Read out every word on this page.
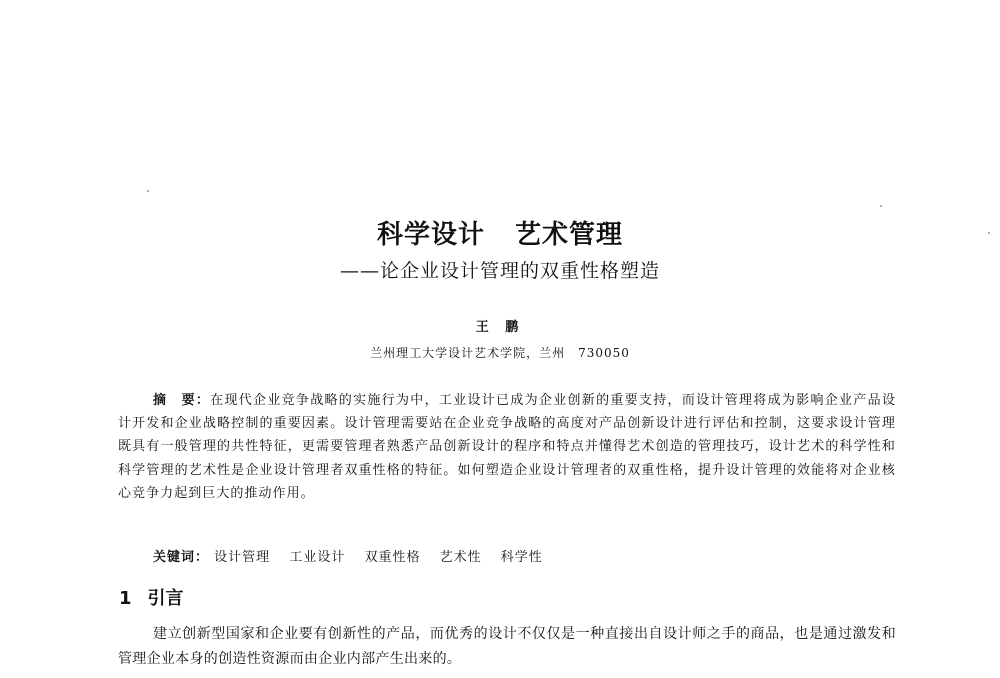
科学设计 艺术管理
——论企业设计管理的双重性格塑造
王 鹏
兰州理工大学设计艺术学院，兰州　730050
摘　要：在现代企业竞争战略的实施行为中，工业设计已成为企业创新的重要支持，而设计管理将成为影响企业产品设计开发和企业战略控制的重要因素。设计管理需要站在企业竞争战略的高度对产品创新设计进行评估和控制，这要求设计管理既具有一般管理的共性特征，更需要管理者熟悉产品创新设计的程序和特点并懂得艺术创造的管理技巧，设计艺术的科学性和科学管理的艺术性是企业设计管理者双重性格的特征。如何塑造企业设计管理者的双重性格，提升设计管理的效能将对企业核心竞争力起到巨大的推动作用。
关键词： 设计管理 工业设计 双重性格 艺术性 科学性
1 引言
建立创新型国家和企业要有创新性的产品，而优秀的设计不仅仅是一种直接出自设计师之手的商品，也是通过激发和管理企业本身的创造性资源而由企业内部产生出来的。
